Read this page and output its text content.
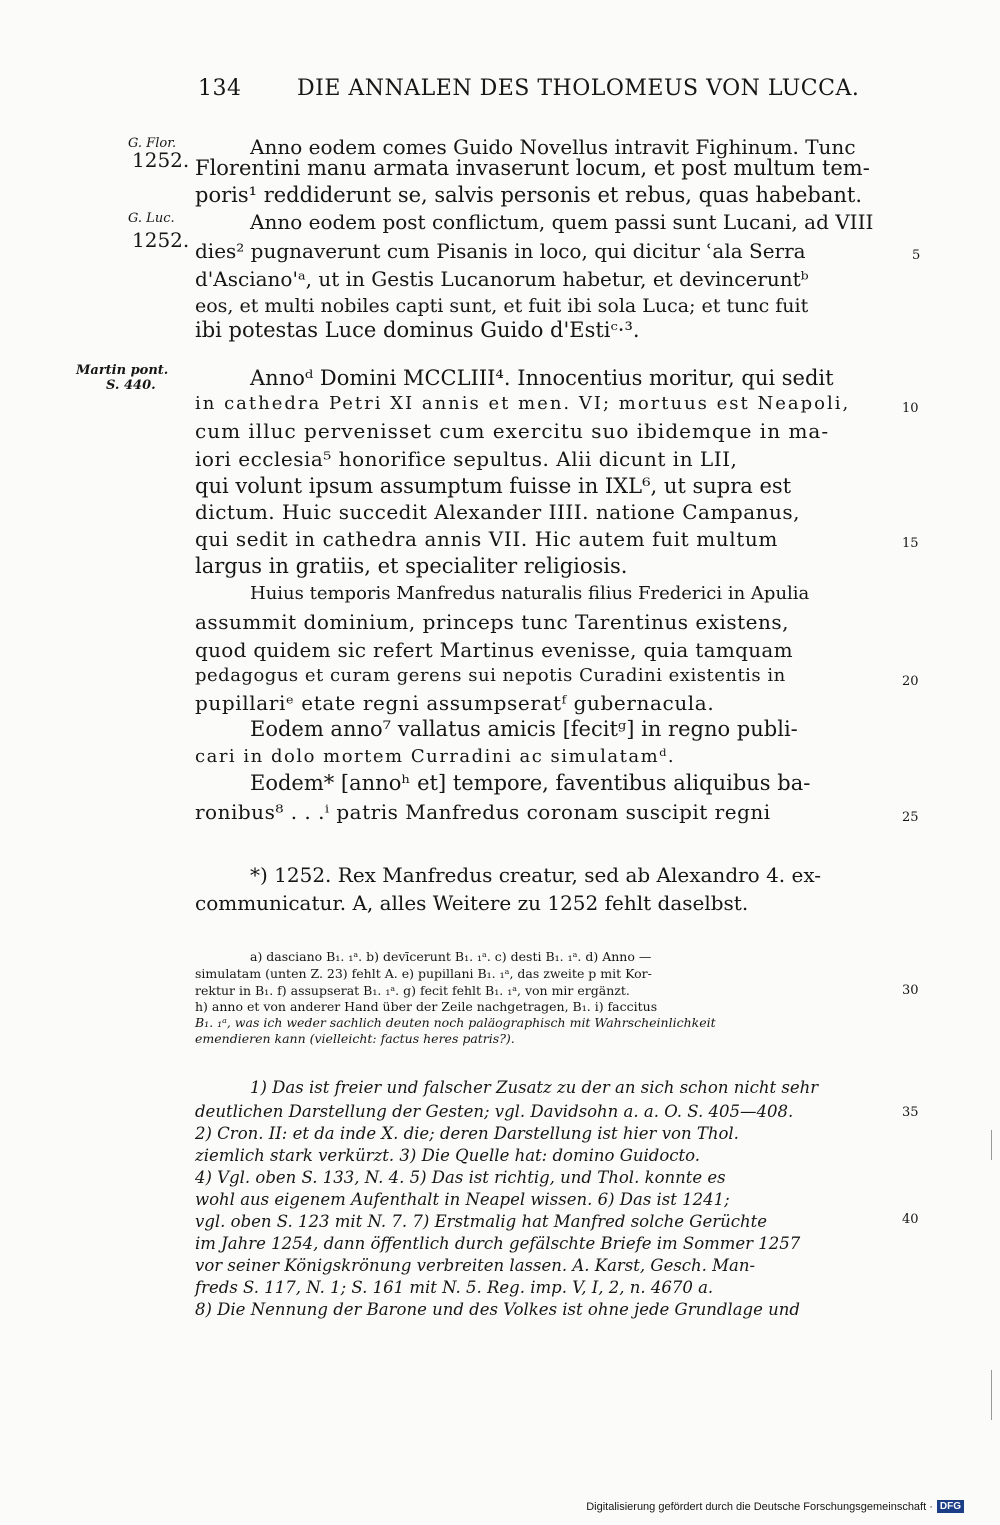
134	DIE ANNALEN DES THOLOMEUS VON LUCCA.
G. Flor.
1252.
G. Luc.
1252.
Martin pont.
S. 440.
Anno eodem comes Guido Novellus intravit Fighinum. Tunc
Florentini manu armata invaserunt locum, et post multum tem-
poris¹ reddiderunt se, salvis personis et rebus, quas habebant.
Anno eodem post conflictum, quem passi sunt Lucani, ad VIII
dies² pugnaverunt cum Pisanis in loco, qui dicitur ʿala Serra
d'Asciano'ᵃ, ut in Gestis Lucanorum habetur, et devinceruntᵇ
eos, et multi nobiles capti sunt, et fuit ibi sola Luca; et tunc fuit
ibi potestas Luce dominus Guido d'Estiᶜ·³.
Annoᵈ Domini MCCLIII⁴. Innocentius moritur, qui sedit
in cathedra Petri XI annis et men. VI; mortuus est Neapoli,
cum illuc pervenisset cum exercitu suo ibidemque in ma-
iori ecclesia⁵ honorifice sepultus. Alii dicunt in LII,
qui volunt ipsum assumptum fuisse in IXL⁶, ut supra est
dictum. Huic succedit Alexander IIII. natione Campanus,
qui sedit in cathedra annis VII. Hic autem fuit multum
largus in gratiis, et specialiter religiosis.
Huius temporis Manfredus naturalis filius Frederici in Apulia
assummit dominium, princeps tunc Tarentinus existens,
quod quidem sic refert Martinus evenisse, quia tamquam
pedagogus et curam gerens sui nepotis Curadini existentis in
pupillariᵉ etate regni assumpseratᶠ gubernacula.
Eodem anno⁷ vallatus amicis [fecitᵍ] in regno publi-
cari in dolo mortem Curradini ac simulatamᵈ.
Eodem* [annoʰ et] tempore, faventibus aliquibus ba-
ronibus⁸ . . .ⁱ patris Manfredus coronam suscipit regni
5
10
15
20
25
30
35
40
*) 1252. Rex Manfredus creatur, sed ab Alexandro 4. ex-
communicatur. A, alles Weitere zu 1252 fehlt daselbst.
a) dasciano B₁. ₁ᵃ. b) devīcerunt B₁. ₁ᵃ. c) desti B₁. ₁ᵃ. d) Anno —
simulatam (unten Z. 23) fehlt A. e) pupillani B₁. ₁ᵃ, das zweite p mit Kor-
rektur in B₁. f) assupserat B₁. ₁ᵃ. g) fecit fehlt B₁. ₁ᵃ, von mir ergänzt.
h) anno et von anderer Hand über der Zeile nachgetragen, B₁. i) faccitus
B₁. ₁ᵃ, was ich weder sachlich deuten noch paläographisch mit Wahrscheinlichkeit
emendieren kann (vielleicht: factus heres patris?).
1) Das ist freier und falscher Zusatz zu der an sich schon nicht sehr
deutlichen Darstellung der Gesten; vgl. Davidsohn a. a. O. S. 405—408.
2) Cron. II: et da inde X. die; deren Darstellung ist hier von Thol.
ziemlich stark verkürzt. 3) Die Quelle hat: domino Guidocto.
4) Vgl. oben S. 133, N. 4. 5) Das ist richtig, und Thol. konnte es
wohl aus eigenem Aufenthalt in Neapel wissen. 6) Das ist 1241;
vgl. oben S. 123 mit N. 7. 7) Erstmalig hat Manfred solche Gerüchte
im Jahre 1254, dann öffentlich durch gefälschte Briefe im Sommer 1257
vor seiner Königskrönung verbreiten lassen. A. Karst, Gesch. Man-
freds S. 117, N. 1; S. 161 mit N. 5. Reg. imp. V, I, 2, n. 4670 a.
8) Die Nennung der Barone und des Volkes ist ohne jede Grundlage und
Digitalisierung gefördert durch die Deutsche Forschungsgemeinschaft · DFG
